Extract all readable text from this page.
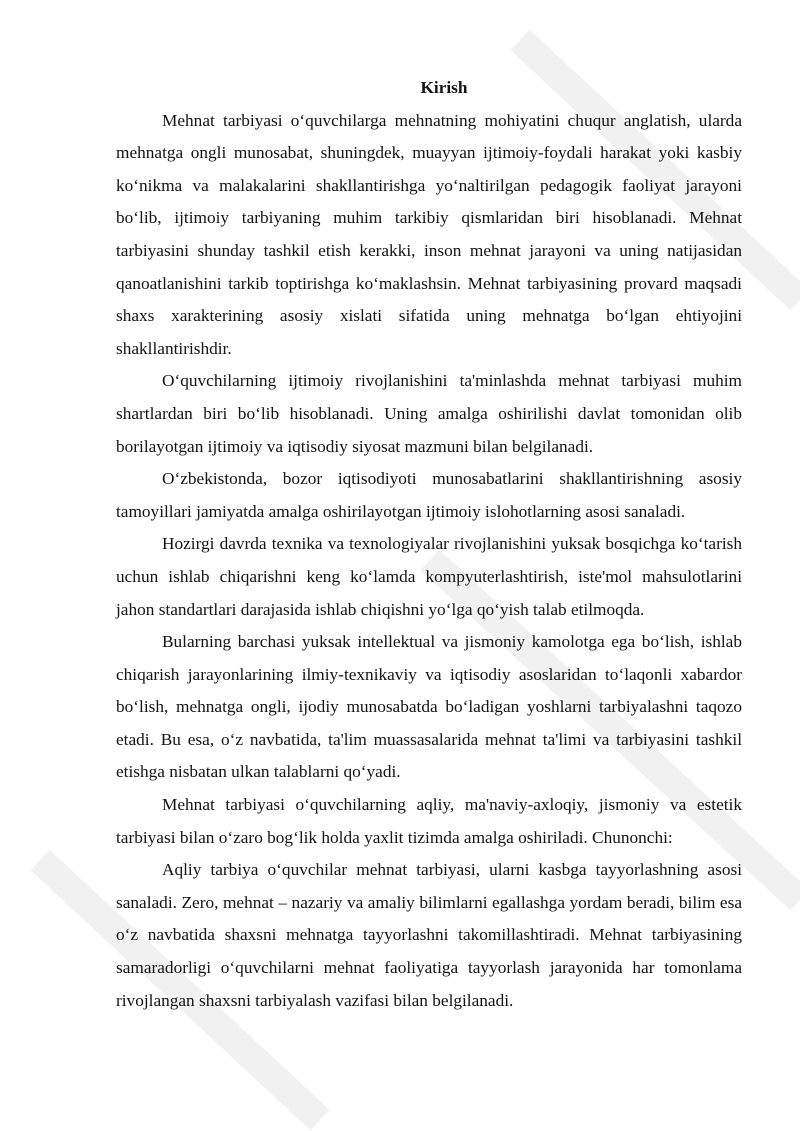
Kirish

Mehnat tarbiyasi o‘quvchilarga mehnatning mohiyatini chuqur anglatish, ularda mehnatga ongli munosabat, shuningdek, muayyan ijtimoiy-foydali harakat yoki kasbiy ko‘nikma va malakalarini shakllantirishga yo‘naltirilgan pedagogik faoliyat jarayoni bo‘lib, ijtimoiy tarbiyaning muhim tarkibiy qismlaridan biri hisoblanadi. Mehnat tarbiyasini shunday tashkil etish kerakki, inson mehnat jarayoni va uning natijasidan qanoatlanishini tarkib toptirishga ko‘maklashsin. Mehnat tarbiyasining provard maqsadi shaxs xarakterining asosiy xislati sifatida uning mehnatga bo‘lgan ehtiyojini shakllantirishdir.

O‘quvchilarning ijtimoiy rivojlanishini ta'minlashda mehnat tarbiyasi muhim shartlardan biri bo‘lib hisoblanadi. Uning amalga oshirilishi davlat tomonidan olib borilayotgan ijtimoiy va iqtisodiy siyosat mazmuni bilan belgilanadi.

O‘zbekistonda, bozor iqtisodiyoti munosabatlarini shakllantirishning asosiy tamoyillari jamiyatda amalga oshirilayotgan ijtimoiy islohotlarning asosi sanaladi.

Hozirgi davrda texnika va texnologiyalar rivojlanishini yuksak bosqichga ko‘tarish uchun ishlab chiqarishni keng ko‘lamda kompyuterlashtirish, iste'mol mahsulotlarini jahon standartlari darajasida ishlab chiqishni yo‘lga qo‘yish talab etilmoqda.

Bularning barchasi yuksak intellektual va jismoniy kamolotga ega bo‘lish, ishlab chiqarish jarayonlarining ilmiy-texnikaviy va iqtisodiy asoslaridan to‘laqonli xabardor bo‘lish, mehnatga ongli, ijodiy munosabatda bo‘ladigan yoshlarni tarbiyalashni taqozo etadi. Bu esa, o‘z navbatida, ta'lim muassasalarida mehnat ta'limi va tarbiyasini tashkil etishga nisbatan ulkan talablarni qo‘yadi.

Mehnat tarbiyasi o‘quvchilarning aqliy, ma'naviy-axloqiy, jismoniy va estetik tarbiyasi bilan o‘zaro bog‘lik holda yaxlit tizimda amalga oshiriladi. Chunonchi:

Aqliy tarbiya o‘quvchilar mehnat tarbiyasi, ularni kasbga tayyorlashning asosi sanaladi. Zero, mehnat – nazariy va amaliy bilimlarni egallashga yordam beradi, bilim esa o‘z navbatida shaxsni mehnatga tayyorlashni takomillashtiradi. Mehnat tarbiyasining samaradorligi o‘quvchilarni mehnat faoliyatiga tayyorlash jarayonida har tomonlama rivojlangan shaxsni tarbiyalash vazifasi bilan belgilanadi.
